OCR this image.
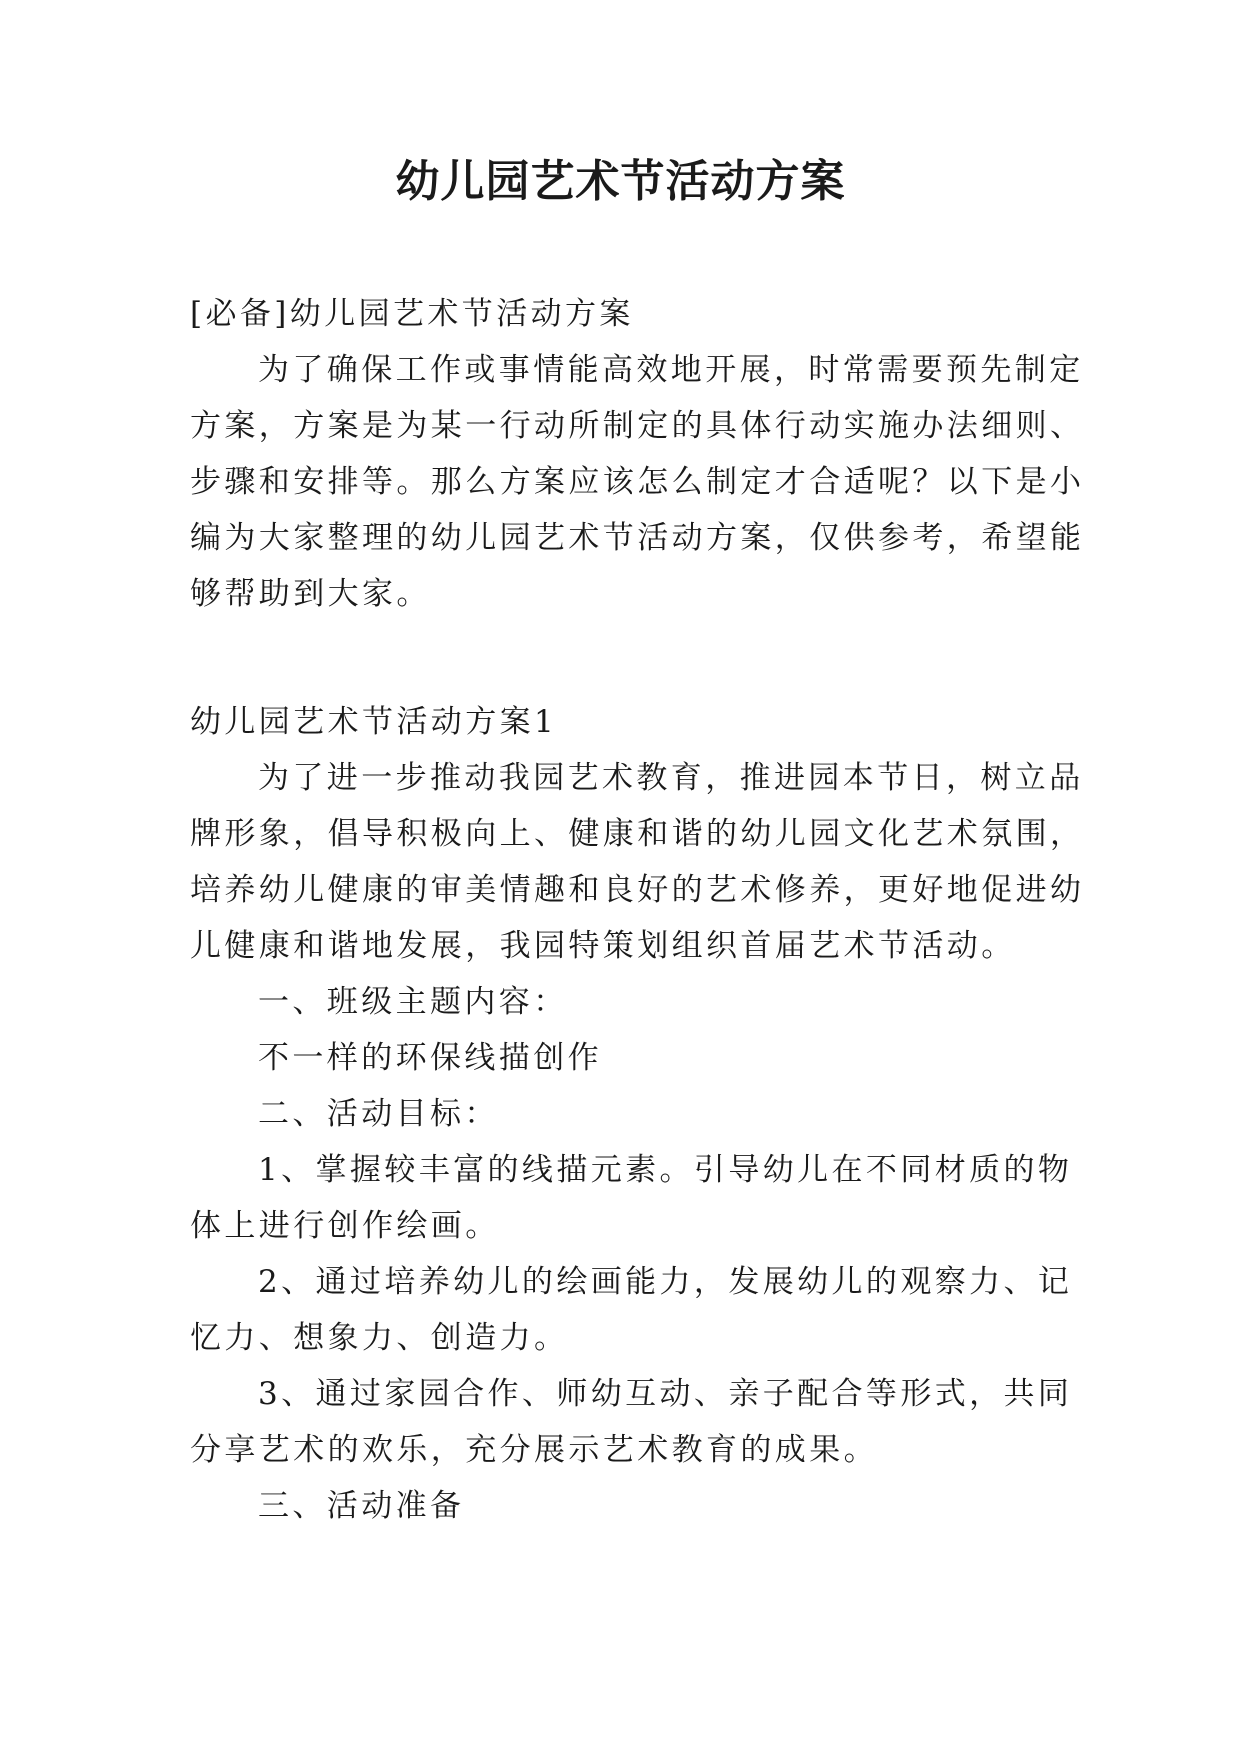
幼儿园艺术节活动方案
[必备]幼儿园艺术节活动方案
为了确保工作或事情能高效地开展，时常需要预先制定
方案，方案是为某一行动所制定的具体行动实施办法细则、
步骤和安排等。那么方案应该怎么制定才合适呢？以下是小
编为大家整理的幼儿园艺术节活动方案，仅供参考，希望能
够帮助到大家。
幼儿园艺术节活动方案1
为了进一步推动我园艺术教育，推进园本节日，树立品
牌形象，倡导积极向上、健康和谐的幼儿园文化艺术氛围，
培养幼儿健康的审美情趣和良好的艺术修养，更好地促进幼
儿健康和谐地发展，我园特策划组织首届艺术节活动。
一、班级主题内容：
不一样的环保线描创作
二、活动目标：
1、掌握较丰富的线描元素。引导幼儿在不同材质的物
体上进行创作绘画。
2、通过培养幼儿的绘画能力，发展幼儿的观察力、记
忆力、想象力、创造力。
3、通过家园合作、师幼互动、亲子配合等形式，共同
分享艺术的欢乐，充分展示艺术教育的成果。
三、活动准备
